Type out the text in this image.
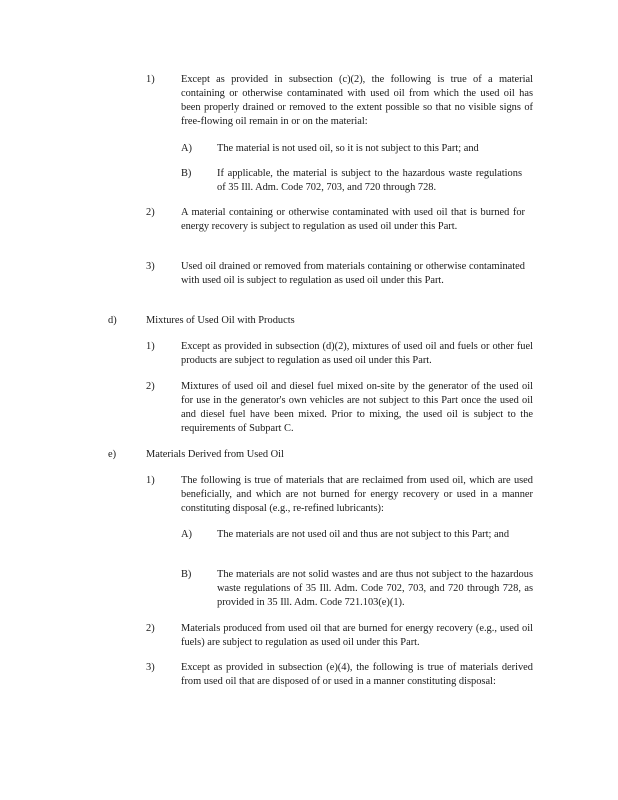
1)	Except as provided in subsection (c)(2), the following is true of a material containing or otherwise contaminated with used oil from which the used oil has been properly drained or removed to the extent possible so that no visible signs of free-flowing oil remain in or on the material:
A) The material is not used oil, so it is not subject to this Part; and
B) If applicable, the material is subject to the hazardous waste regulations of 35 Ill. Adm. Code 702, 703, and 720 through 728.
2)	A material containing or otherwise contaminated with used oil that is burned for energy recovery is subject to regulation as used oil under this Part.
3)	Used oil drained or removed from materials containing or otherwise contaminated with used oil is subject to regulation as used oil under this Part.
d)	Mixtures of Used Oil with Products
1)	Except as provided in subsection (d)(2), mixtures of used oil and fuels or other fuel products are subject to regulation as used oil under this Part.
2)	Mixtures of used oil and diesel fuel mixed on-site by the generator of the used oil for use in the generator's own vehicles are not subject to this Part once the used oil and diesel fuel have been mixed. Prior to mixing, the used oil is subject to the requirements of Subpart C.
e)	Materials Derived from Used Oil
1)	The following is true of materials that are reclaimed from used oil, which are used beneficially, and which are not burned for energy recovery or used in a manner constituting disposal (e.g., re-refined lubricants):
A) The materials are not used oil and thus are not subject to this Part; and
B) The materials are not solid wastes and are thus not subject to the hazardous waste regulations of 35 Ill. Adm. Code 702, 703, and 720 through 728, as provided in 35 Ill. Adm. Code 721.103(e)(1).
2)	Materials produced from used oil that are burned for energy recovery (e.g., used oil fuels) are subject to regulation as used oil under this Part.
3)	Except as provided in subsection (e)(4), the following is true of materials derived from used oil that are disposed of or used in a manner constituting disposal:
